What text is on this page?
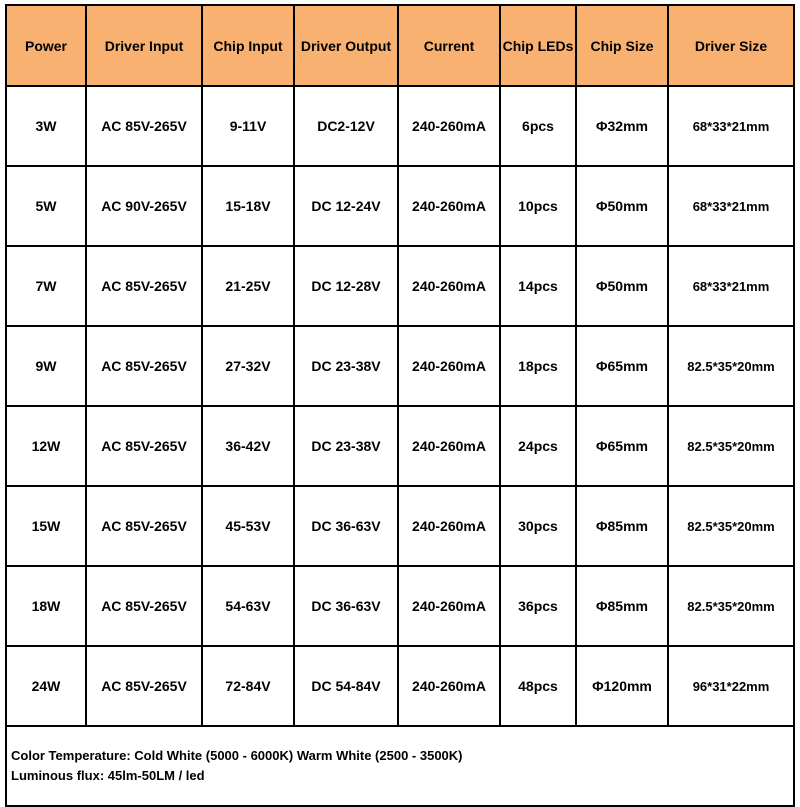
Power	Driver Input	Chip Input	Driver Output	Current	Chip LEDs	Chip Size	Driver Size
3W	AC 85V-265V	9-11V	DC2-12V	240-260mA	6pcs	Φ32mm	68*33*21mm
5W	AC 90V-265V	15-18V	DC 12-24V	240-260mA	10pcs	Φ50mm	68*33*21mm
7W	AC 85V-265V	21-25V	DC 12-28V	240-260mA	14pcs	Φ50mm	68*33*21mm
9W	AC 85V-265V	27-32V	DC 23-38V	240-260mA	18pcs	Φ65mm	82.5*35*20mm
12W	AC 85V-265V	36-42V	DC 23-38V	240-260mA	24pcs	Φ65mm	82.5*35*20mm
15W	AC 85V-265V	45-53V	DC 36-63V	240-260mA	30pcs	Φ85mm	82.5*35*20mm
18W	AC 85V-265V	54-63V	DC 36-63V	240-260mA	36pcs	Φ85mm	82.5*35*20mm
24W	AC 85V-265V	72-84V	DC 54-84V	240-260mA	48pcs	Φ120mm	96*31*22mm

Color Temperature: Cold White (5000 - 6000K) Warm White (2500 - 3500K)
Luminous flux: 45lm-50LM / led							
